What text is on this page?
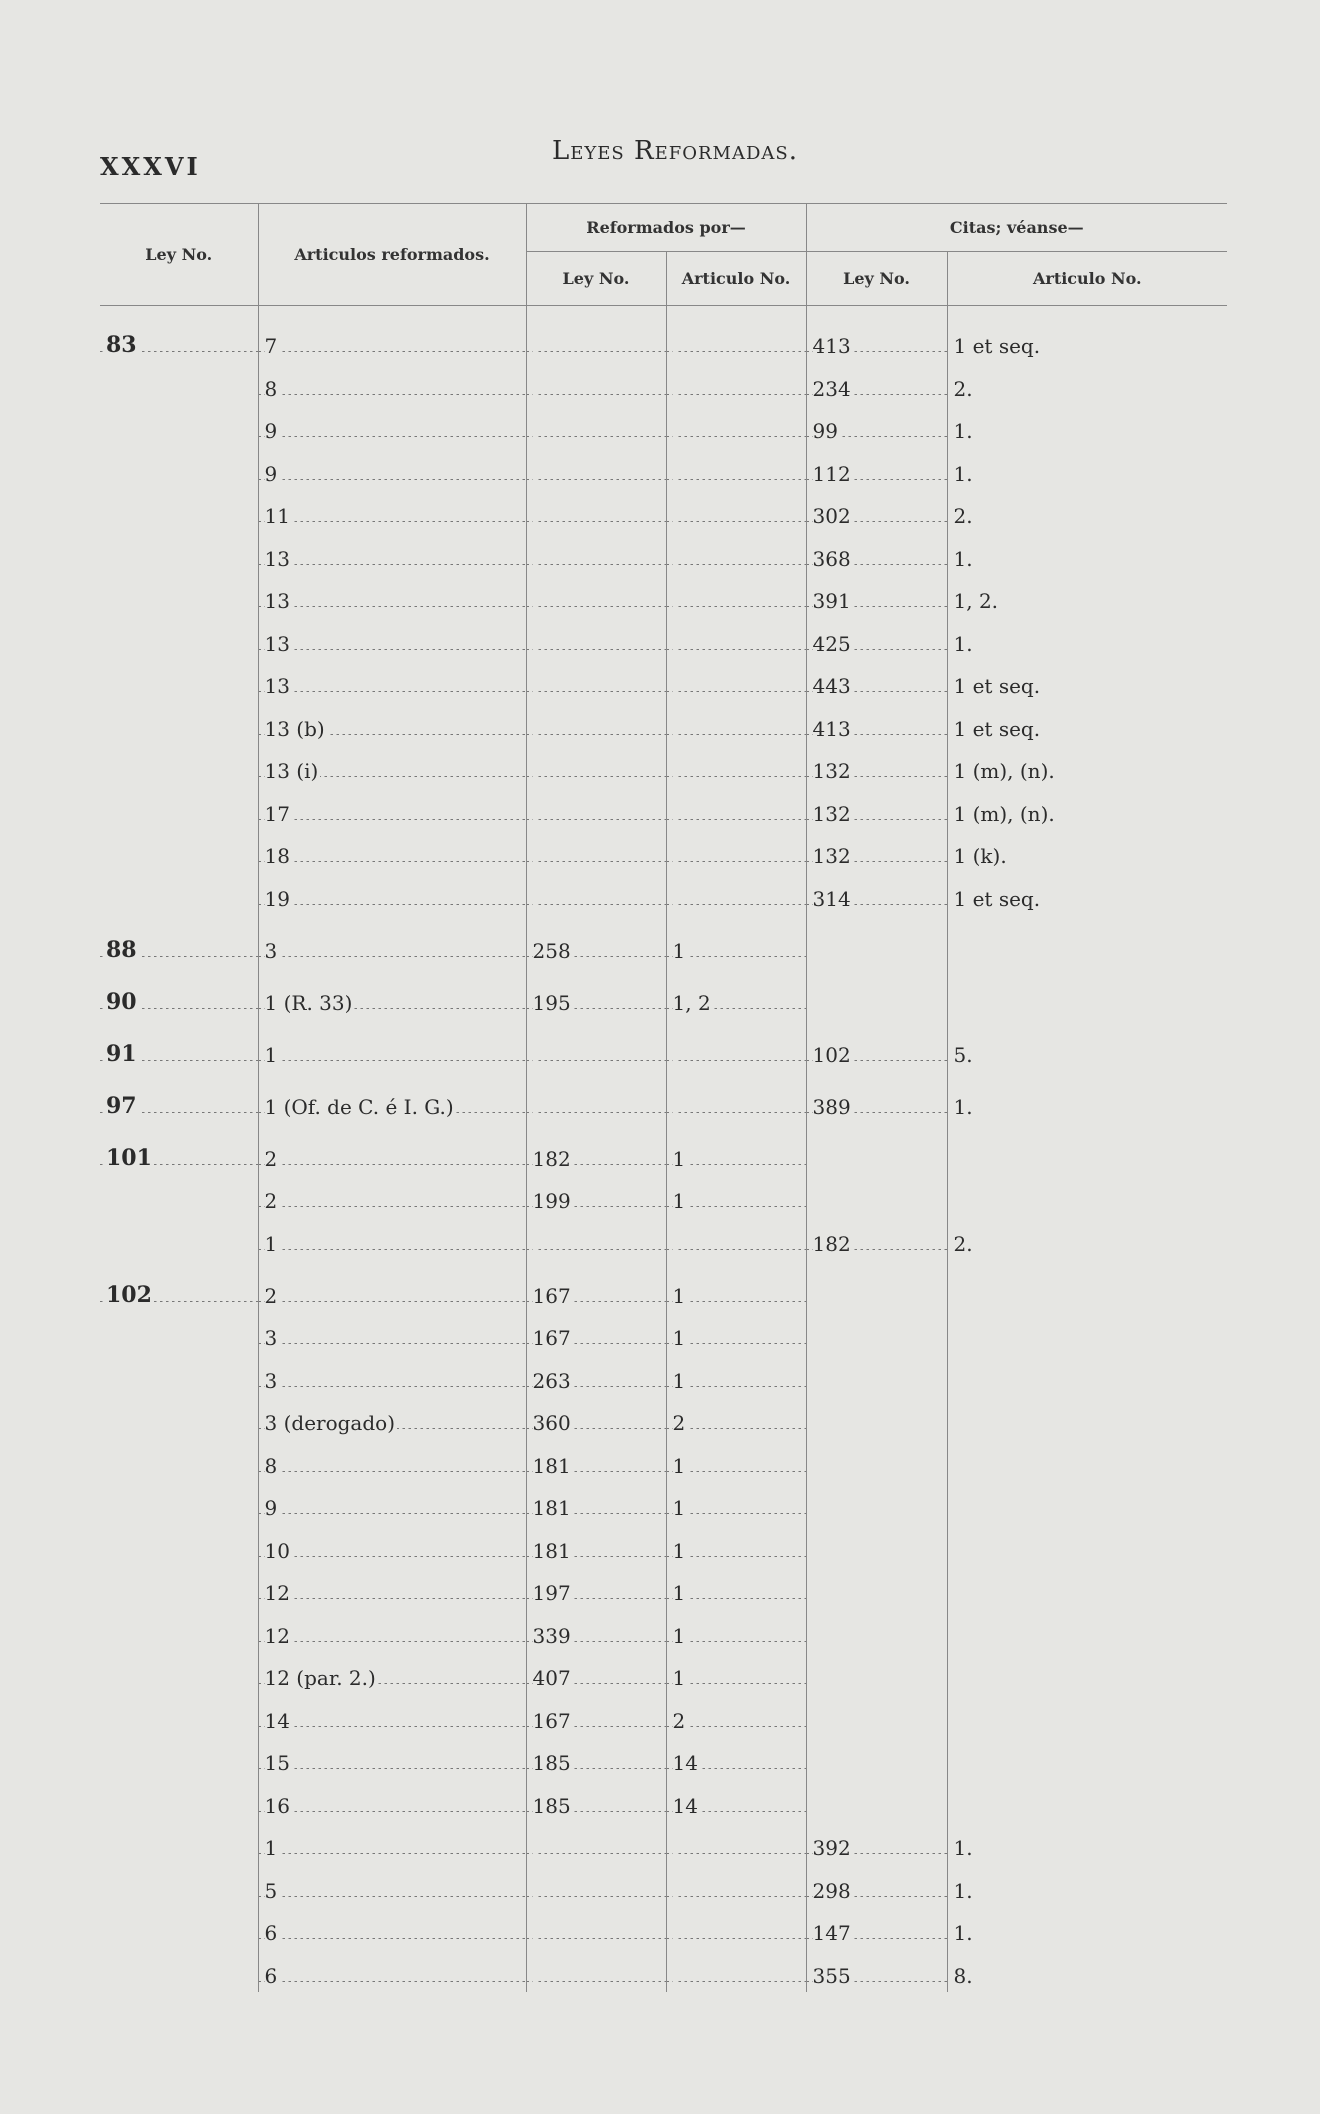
XXXVI
Leyes Reformadas.
Ley No.	Articulos reformados.	Reformados por—		Citas; véanse—	
		Ley No.	Articulo No.	Ley No.	Articulo No.
83	7			413	1 et seq.
	8			234	2.
	9			99	1.
	9			112	1.
	11			302	2.
	13			368	1.
	13			391	1, 2.
	13			425	1.
	13			443	1 et seq.
	13 (b)			413	1 et seq.
	13 (i)			132	1 (m), (n).
	17			132	1 (m), (n).
	18			132	1 (k).
	19			314	1 et seq.
88	3	258	1		
90	1 (R. 33)	195	1, 2		
91	1			102	5.
97	1 (Of. de C. é I. G.)			389	1.
101	2	182	1		
	2	199	1		
	1			182	2.
102	2	167	1		
	3	167	1		
	3	263	1		
	3 (derogado)	360	2		
	8	181	1		
	9	181	1		
	10	181	1		
	12	197	1		
	12	339	1		
	12 (par. 2.)	407	1		
	14	167	2		
	15	185	14		
	16	185	14		
	1			392	1.
	5			298	1.
	6			147	1.
	6			355	8.
